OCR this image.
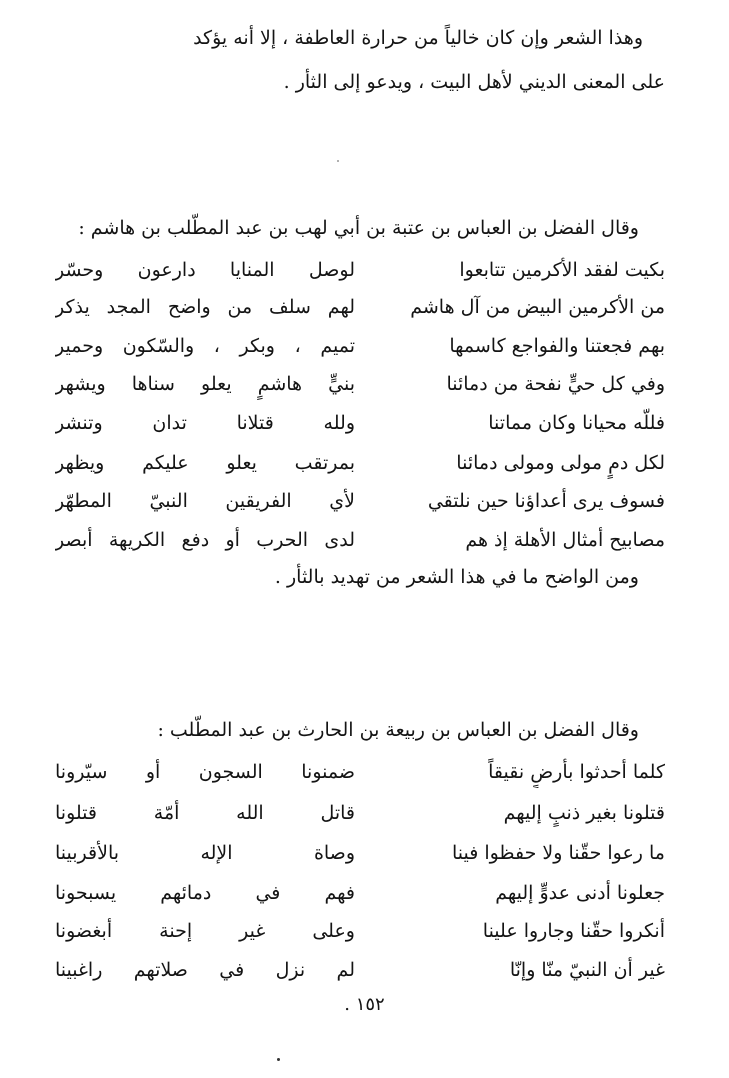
وهذا الشعر وإن كان خالياً من حرارة العاطفة ، إلا أنه يؤكد
على المعنى الديني لأهل البيت ، ويدعو إلى الثأر .
وقال الفضل بن العباس بن عتبة بن أبي لهب بن عبد المطّلب بن هاشم :
بكيت لفقد الأكرمين تتابعوا
لوصل المنايا دارعون وحسّر
من الأكرمين البيض من آل هاشم
لهم سلف من واضح المجد يذكر
بهم فجعتنا والفواجع كاسمها
تميم ، وبكر ، والسّكون وحمير
وفي كل حيٍّ نفحة من دمائنا
بنيٍّ هاشمٍ يعلو سناها ويشهر
فللّه محيانا وكان مماتنا
ولله قتلانا تدان وتنشر
لكل دمٍ مولى ومولى دمائنا
بمرتقب يعلو عليكم ويظهر
فسوف يرى أعداؤنا حين نلتقي
لأي الفريقين النبيّ المطهّر
مصابيح أمثال الأهلة إذ هم
لدى الحرب أو دفع الكريهة أبصر
ومن الواضح ما في هذا الشعر من تهديد بالثأر .
وقال الفضل بن العباس بن ربيعة بن الحارث بن عبد المطّلب :
كلما أحدثوا بأرضٍ نقيقاً
ضمنونا السجون أو سيّرونا
قتلونا بغير ذنبٍ إليهم
قاتل الله أمّة قتلونا
ما رعوا حقّنا ولا حفظوا فينا
وصاة الإله بالأقربينا
جعلونا أدنى عدوٍّ إليهم
فهم في دمائهم يسبحونا
أنكروا حقّنا وجاروا علينا
وعلى غير إحنة أبغضونا
غير أن النبيّ منّا وإنّا
لم نزل في صلاتهم راغبينا
١٥٢ .
